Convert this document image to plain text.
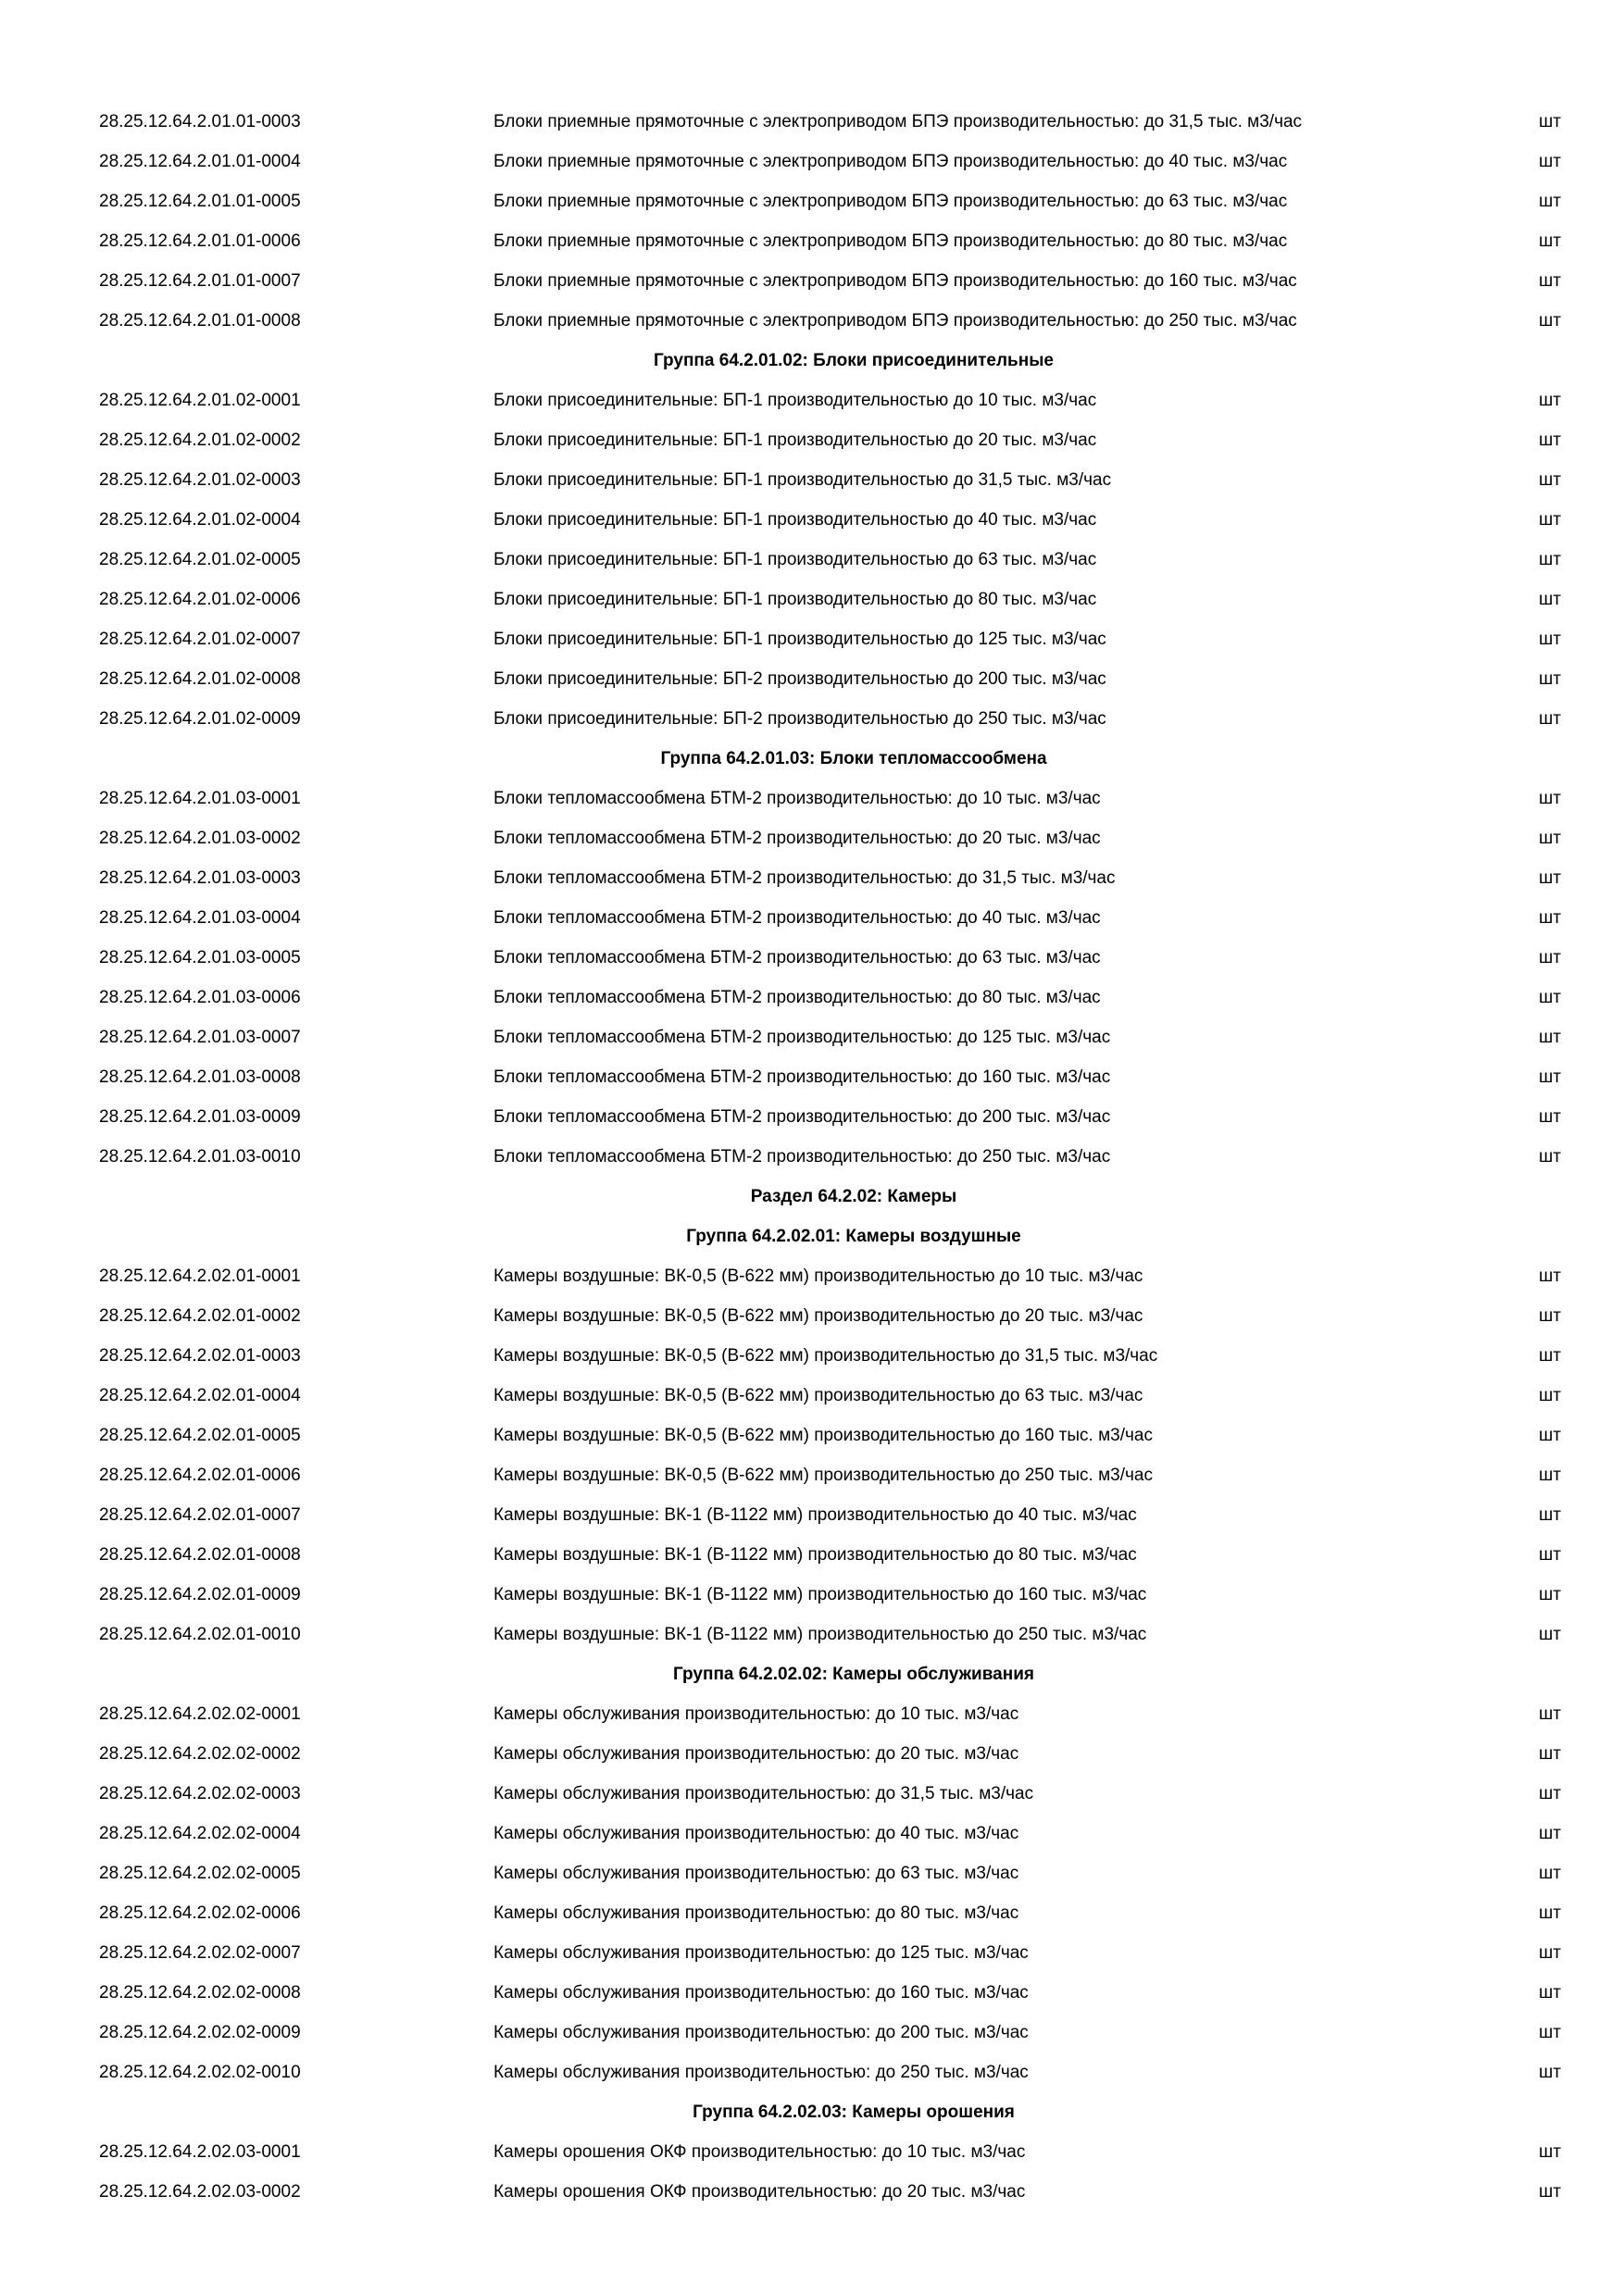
28.25.12.64.2.01.01-0003	Блоки приемные прямоточные с электроприводом БПЭ производительностью: до 31,5 тыс. м3/час	шт
28.25.12.64.2.01.01-0004	Блоки приемные прямоточные с электроприводом БПЭ производительностью: до 40 тыс. м3/час	шт
28.25.12.64.2.01.01-0005	Блоки приемные прямоточные с электроприводом БПЭ производительностью: до 63 тыс. м3/час	шт
28.25.12.64.2.01.01-0006	Блоки приемные прямоточные с электроприводом БПЭ производительностью: до 80 тыс. м3/час	шт
28.25.12.64.2.01.01-0007	Блоки приемные прямоточные с электроприводом БПЭ производительностью: до 160 тыс. м3/час	шт
28.25.12.64.2.01.01-0008	Блоки приемные прямоточные с электроприводом БПЭ производительностью: до 250 тыс. м3/час	шт
Группа 64.2.01.02: Блоки присоединительные
28.25.12.64.2.01.02-0001	Блоки присоединительные: БП-1 производительностью до 10 тыс. м3/час	шт
28.25.12.64.2.01.02-0002	Блоки присоединительные: БП-1 производительностью до 20 тыс. м3/час	шт
28.25.12.64.2.01.02-0003	Блоки присоединительные: БП-1 производительностью до 31,5 тыс. м3/час	шт
28.25.12.64.2.01.02-0004	Блоки присоединительные: БП-1 производительностью до 40 тыс. м3/час	шт
28.25.12.64.2.01.02-0005	Блоки присоединительные: БП-1 производительностью до 63 тыс. м3/час	шт
28.25.12.64.2.01.02-0006	Блоки присоединительные: БП-1 производительностью до 80 тыс. м3/час	шт
28.25.12.64.2.01.02-0007	Блоки присоединительные: БП-1 производительностью до 125 тыс. м3/час	шт
28.25.12.64.2.01.02-0008	Блоки присоединительные: БП-2 производительностью до 200 тыс. м3/час	шт
28.25.12.64.2.01.02-0009	Блоки присоединительные: БП-2 производительностью до 250 тыс. м3/час	шт
Группа 64.2.01.03: Блоки тепломассообмена
28.25.12.64.2.01.03-0001	Блоки тепломассообмена БТМ-2 производительностью: до 10 тыс. м3/час	шт
28.25.12.64.2.01.03-0002	Блоки тепломассообмена БТМ-2 производительностью: до 20 тыс. м3/час	шт
28.25.12.64.2.01.03-0003	Блоки тепломассообмена БТМ-2 производительностью: до 31,5 тыс. м3/час	шт
28.25.12.64.2.01.03-0004	Блоки тепломассообмена БТМ-2 производительностью: до 40 тыс. м3/час	шт
28.25.12.64.2.01.03-0005	Блоки тепломассообмена БТМ-2 производительностью: до 63 тыс. м3/час	шт
28.25.12.64.2.01.03-0006	Блоки тепломассообмена БТМ-2 производительностью: до 80 тыс. м3/час	шт
28.25.12.64.2.01.03-0007	Блоки тепломассообмена БТМ-2 производительностью: до 125 тыс. м3/час	шт
28.25.12.64.2.01.03-0008	Блоки тепломассообмена БТМ-2 производительностью: до 160 тыс. м3/час	шт
28.25.12.64.2.01.03-0009	Блоки тепломассообмена БТМ-2 производительностью: до 200 тыс. м3/час	шт
28.25.12.64.2.01.03-0010	Блоки тепломассообмена БТМ-2 производительностью: до 250 тыс. м3/час	шт
Раздел 64.2.02: Камеры
Группа 64.2.02.01: Камеры воздушные
28.25.12.64.2.02.01-0001	Камеры воздушные: ВК-0,5 (В-622 мм) производительностью до 10 тыс. м3/час	шт
28.25.12.64.2.02.01-0002	Камеры воздушные: ВК-0,5 (В-622 мм) производительностью до 20 тыс. м3/час	шт
28.25.12.64.2.02.01-0003	Камеры воздушные: ВК-0,5 (В-622 мм) производительностью до 31,5 тыс. м3/час	шт
28.25.12.64.2.02.01-0004	Камеры воздушные: ВК-0,5 (В-622 мм) производительностью до 63 тыс. м3/час	шт
28.25.12.64.2.02.01-0005	Камеры воздушные: ВК-0,5 (В-622 мм) производительностью до 160 тыс. м3/час	шт
28.25.12.64.2.02.01-0006	Камеры воздушные: ВК-0,5 (В-622 мм) производительностью до 250 тыс. м3/час	шт
28.25.12.64.2.02.01-0007	Камеры воздушные: ВК-1 (В-1122 мм) производительностью до 40 тыс. м3/час	шт
28.25.12.64.2.02.01-0008	Камеры воздушные: ВК-1 (В-1122 мм) производительностью до 80 тыс. м3/час	шт
28.25.12.64.2.02.01-0009	Камеры воздушные: ВК-1 (В-1122 мм) производительностью до 160 тыс. м3/час	шт
28.25.12.64.2.02.01-0010	Камеры воздушные: ВК-1 (В-1122 мм) производительностью до 250 тыс. м3/час	шт
Группа 64.2.02.02: Камеры обслуживания
28.25.12.64.2.02.02-0001	Камеры обслуживания производительностью: до 10 тыс. м3/час	шт
28.25.12.64.2.02.02-0002	Камеры обслуживания производительностью: до 20 тыс. м3/час	шт
28.25.12.64.2.02.02-0003	Камеры обслуживания производительностью: до 31,5 тыс. м3/час	шт
28.25.12.64.2.02.02-0004	Камеры обслуживания производительностью: до 40 тыс. м3/час	шт
28.25.12.64.2.02.02-0005	Камеры обслуживания производительностью: до 63 тыс. м3/час	шт
28.25.12.64.2.02.02-0006	Камеры обслуживания производительностью: до 80 тыс. м3/час	шт
28.25.12.64.2.02.02-0007	Камеры обслуживания производительностью: до 125 тыс. м3/час	шт
28.25.12.64.2.02.02-0008	Камеры обслуживания производительностью: до 160 тыс. м3/час	шт
28.25.12.64.2.02.02-0009	Камеры обслуживания производительностью: до 200 тыс. м3/час	шт
28.25.12.64.2.02.02-0010	Камеры обслуживания производительностью: до 250 тыс. м3/час	шт
Группа 64.2.02.03: Камеры орошения
28.25.12.64.2.02.03-0001	Камеры орошения ОКФ производительностью: до 10 тыс. м3/час	шт
28.25.12.64.2.02.03-0002	Камеры орошения ОКФ производительностью: до 20 тыс. м3/час	шт
